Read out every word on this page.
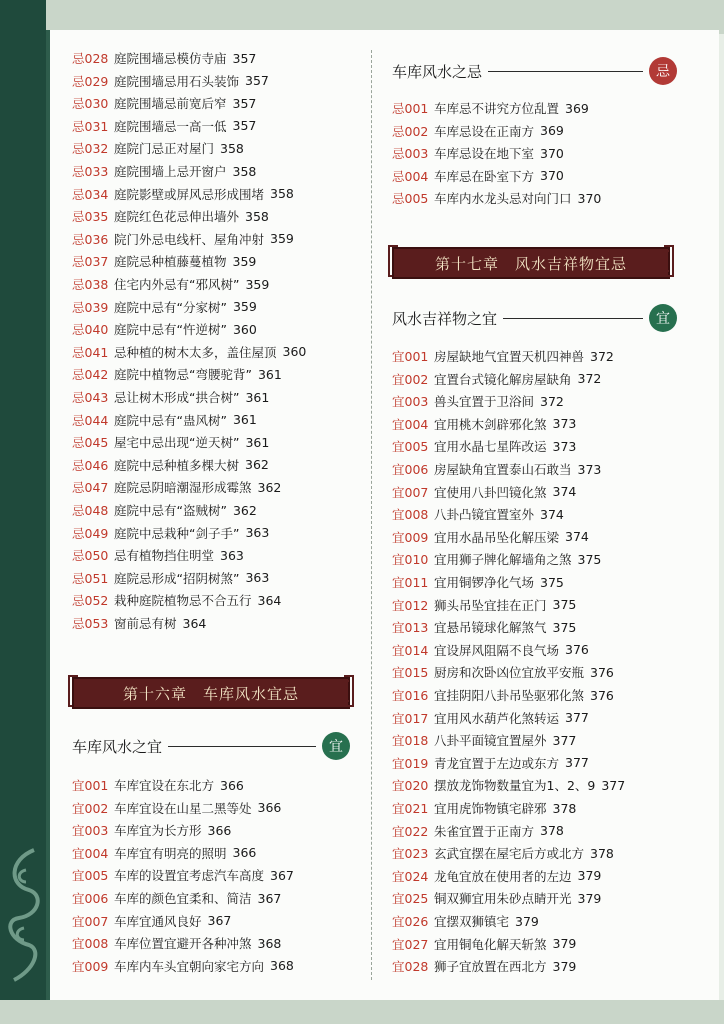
忌028 庭院围墙忌模仿寺庙 357
忌029 庭院围墙忌用石头装饰 357
忌030 庭院围墙忌前宽后窄 357
忌031 庭院围墙忌一高一低 357
忌032 庭院门忌正对屋门 358
忌033 庭院围墙上忌开窗户 358
忌034 庭院影壁或屏风忌形成围堵 358
忌035 庭院红色花忌伸出墙外 358
忌036 院门外忌电线杆、屋角冲射 359
忌037 庭院忌种植藤蔓植物 359
忌038 住宅内外忌有“邪风树” 359
忌039 庭院中忌有“分家树” 359
忌040 庭院中忌有“忤逆树” 360
忌041 忌种植的树木太多，盖住屋顶 360
忌042 庭院中植物忌“弯腰驼背” 361
忌043 忌让树木形成“拱合树” 361
忌044 庭院中忌有“蛊风树” 361
忌045 屋宅中忌出现“逆天树” 361
忌046 庭院中忌种植多棵大树 362
忌047 庭院忌阴暗潮湿形成霉煞 362
忌048 庭院中忌有“盗贼树” 362
忌049 庭院中忌栽种“剑子手” 363
忌050 忌有植物挡住明堂 363
忌051 庭院忌形成“招阴树煞” 363
忌052 栽种庭院植物忌不合五行 364
忌053 窗前忌有树 364
第十六章　车库风水宜忌
车库风水之宜	宜
宜001 车库宜设在东北方 366
宜002 车库宜设在山星二黑等处 366
宜003 车库宜为长方形 366
宜004 车库宜有明亮的照明 366
宜005 车库的设置宜考虑汽车高度 367
宜006 车库的颜色宜柔和、简洁 367
宜007 车库宜通风良好 367
宜008 车库位置宜避开各种冲煞 368
宜009 车库内车头宜朝向家宅方向 368
车库风水之忌	忌
忌001 车库忌不讲究方位乱置 369
忌002 车库忌设在正南方 369
忌003 车库忌设在地下室 370
忌004 车库忌在卧室下方 370
忌005 车库内水龙头忌对向门口 370
第十七章　风水吉祥物宜忌
风水吉祥物之宜	宜
宜001 房屋缺地气宜置天机四神兽 372
宜002 宜置台式镜化解房屋缺角 372
宜003 兽头宜置于卫浴间 372
宜004 宜用桃木剑辟邪化煞 373
宜005 宜用水晶七星阵改运 373
宜006 房屋缺角宜置泰山石敢当 373
宜007 宜使用八卦凹镜化煞 374
宜008 八卦凸镜宜置室外 374
宜009 宜用水晶吊坠化解压梁 374
宜010 宜用狮子牌化解墙角之煞 375
宜011 宜用铜锣净化气场 375
宜012 狮头吊坠宜挂在正门 375
宜013 宜悬吊镜球化解煞气 375
宜014 宜设屏风阻隔不良气场 376
宜015 厨房和次卧凶位宜放平安瓶 376
宜016 宜挂阴阳八卦吊坠驱邪化煞 376
宜017 宜用风水葫芦化煞转运 377
宜018 八卦平面镜宜置屋外 377
宜019 青龙宜置于左边或东方 377
宜020 摆放龙饰物数量宜为1、2、9 377
宜021 宜用虎饰物镇宅辟邪 378
宜022 朱雀宜置于正南方 378
宜023 玄武宜摆在屋宅后方或北方 378
宜024 龙龟宜放在使用者的左边 379
宜025 铜双狮宜用朱砂点睛开光 379
宜026 宜摆双狮镇宅 379
宜027 宜用铜龟化解天斩煞 379
宜028 狮子宜放置在西北方 379
